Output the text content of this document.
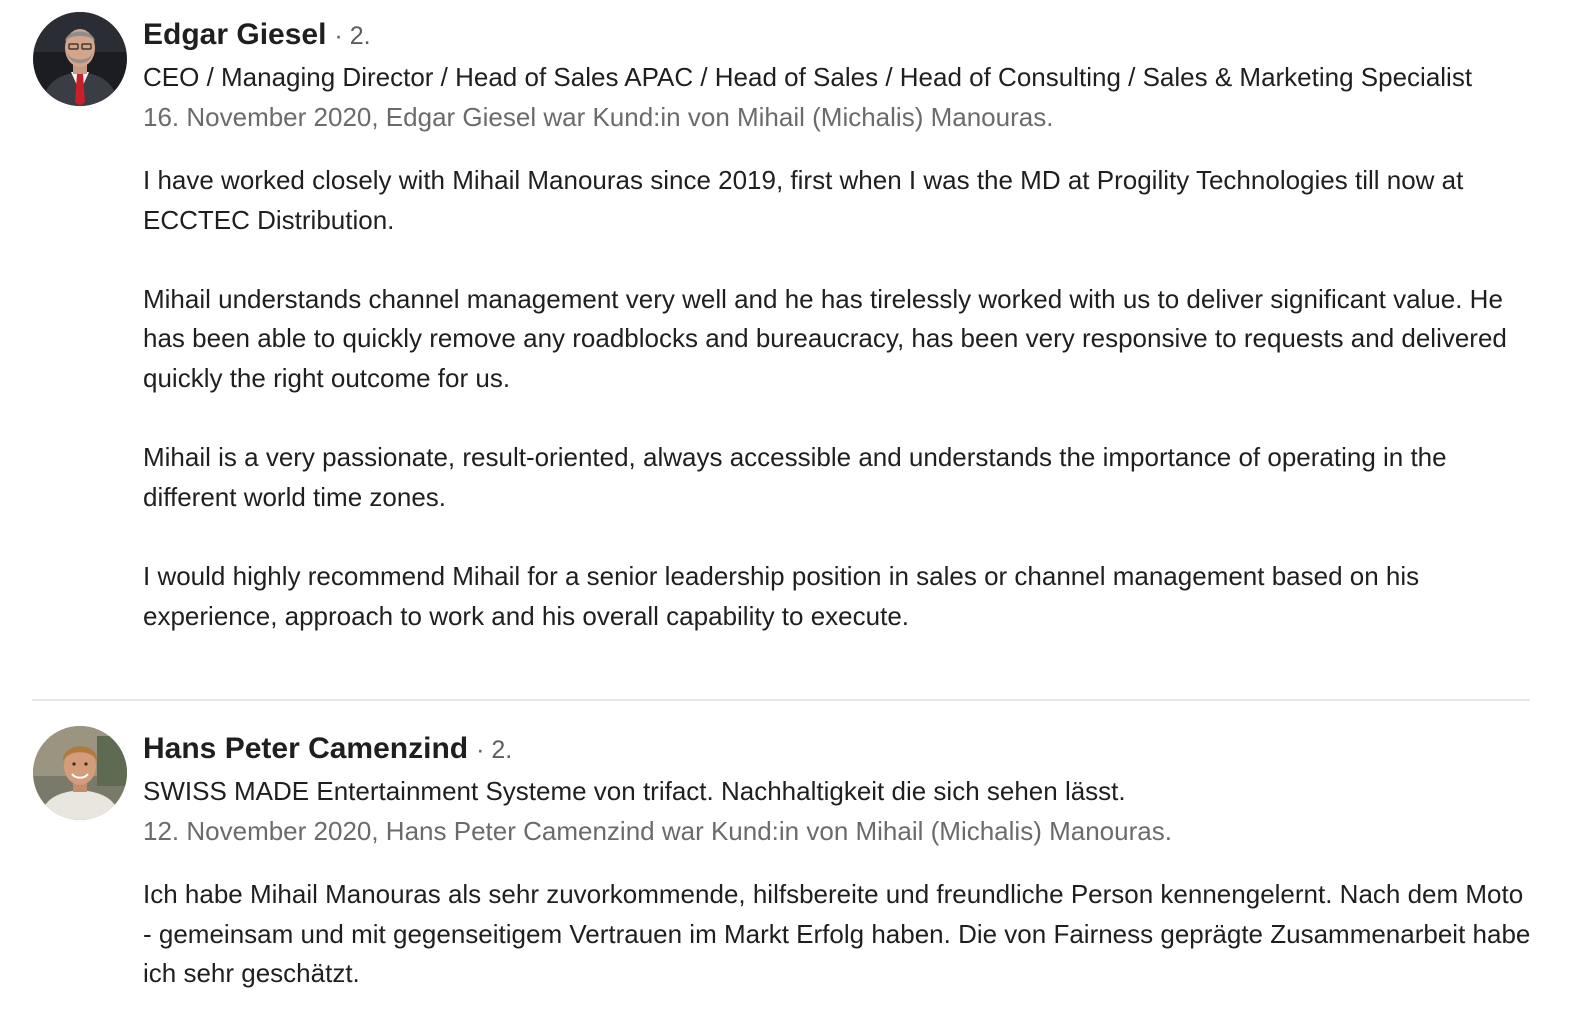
Edgar Giesel · 2.
CEO / Managing Director / Head of Sales APAC / Head of Sales / Head of Consulting / Sales & Marketing Specialist
16. November 2020, Edgar Giesel war Kund:in von Mihail (Michalis) Manouras.

I have worked closely with Mihail Manouras since 2019, first when I was the MD at Progility Technologies till now at ECCTEC Distribution.

Mihail understands channel management very well and he has tirelessly worked with us to deliver significant value. He has been able to quickly remove any roadblocks and bureaucracy, has been very responsive to requests and delivered quickly the right outcome for us.

Mihail is a very passionate, result-oriented, always accessible and understands the importance of operating in the different world time zones.

I would highly recommend Mihail for a senior leadership position in sales or channel management based on his experience, approach to work and his overall capability to execute.

Hans Peter Camenzind · 2.
SWISS MADE Entertainment Systeme von trifact. Nachhaltigkeit die sich sehen lässt.
12. November 2020, Hans Peter Camenzind war Kund:in von Mihail (Michalis) Manouras.

Ich habe Mihail Manouras als sehr zuvorkommende, hilfsbereite und freundliche Person kennengelernt. Nach dem Moto - gemeinsam und mit gegenseitigem Vertrauen im Markt Erfolg haben. Die von Fairness geprägte Zusammenarbeit habe ich sehr geschätzt.
